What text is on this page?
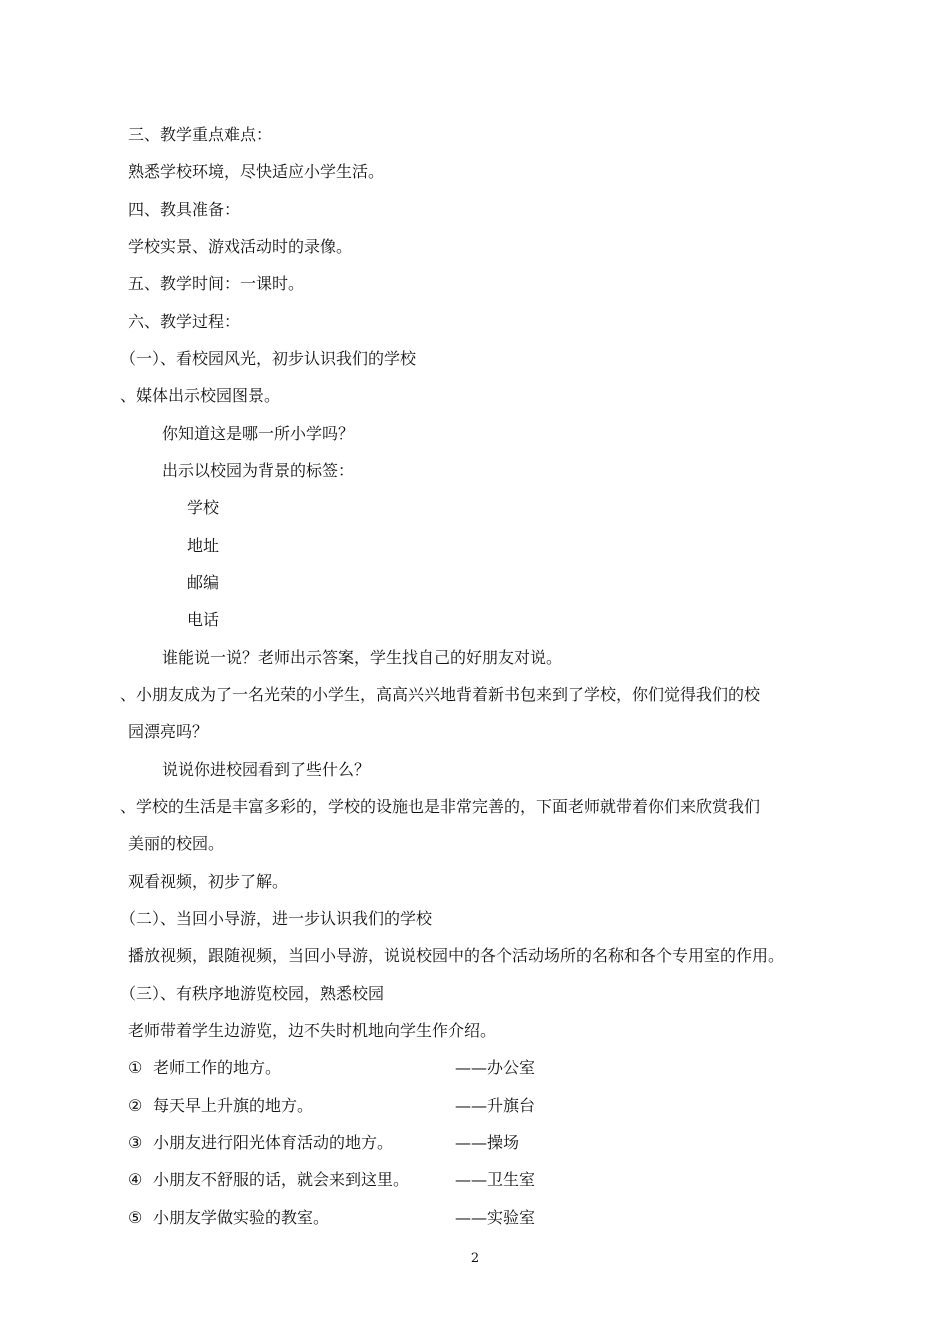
三、教学重点难点：
熟悉学校环境，尽快适应小学生活。
四、教具准备：
学校实景、游戏活动时的录像。
五、教学时间：一课时。
六、教学过程：
（一）、看校园风光，初步认识我们的学校
、媒体出示校园图景。
你知道这是哪一所小学吗？
出示以校园为背景的标签：
学校
地址
邮编
电话
谁能说一说？老师出示答案，学生找自己的好朋友对说。
、小朋友成为了一名光荣的小学生，高高兴兴地背着新书包来到了学校，你们觉得我们的校
园漂亮吗？
说说你进校园看到了些什么？
、学校的生活是丰富多彩的，学校的设施也是非常完善的，下面老师就带着你们来欣赏我们
美丽的校园。
观看视频，初步了解。
（二）、当回小导游，进一步认识我们的学校
播放视频，跟随视频，当回小导游，说说校园中的各个活动场所的名称和各个专用室的作用。
（三）、有秩序地游览校园，熟悉校园
老师带着学生边游览，边不失时机地向学生作介绍。
① 老师工作的地方。	——办公室
② 每天早上升旗的地方。	——升旗台
③ 小朋友进行阳光体育活动的地方。	——操场
④ 小朋友不舒服的话，就会来到这里。	——卫生室
⑤ 小朋友学做实验的教室。	——实验室
2
